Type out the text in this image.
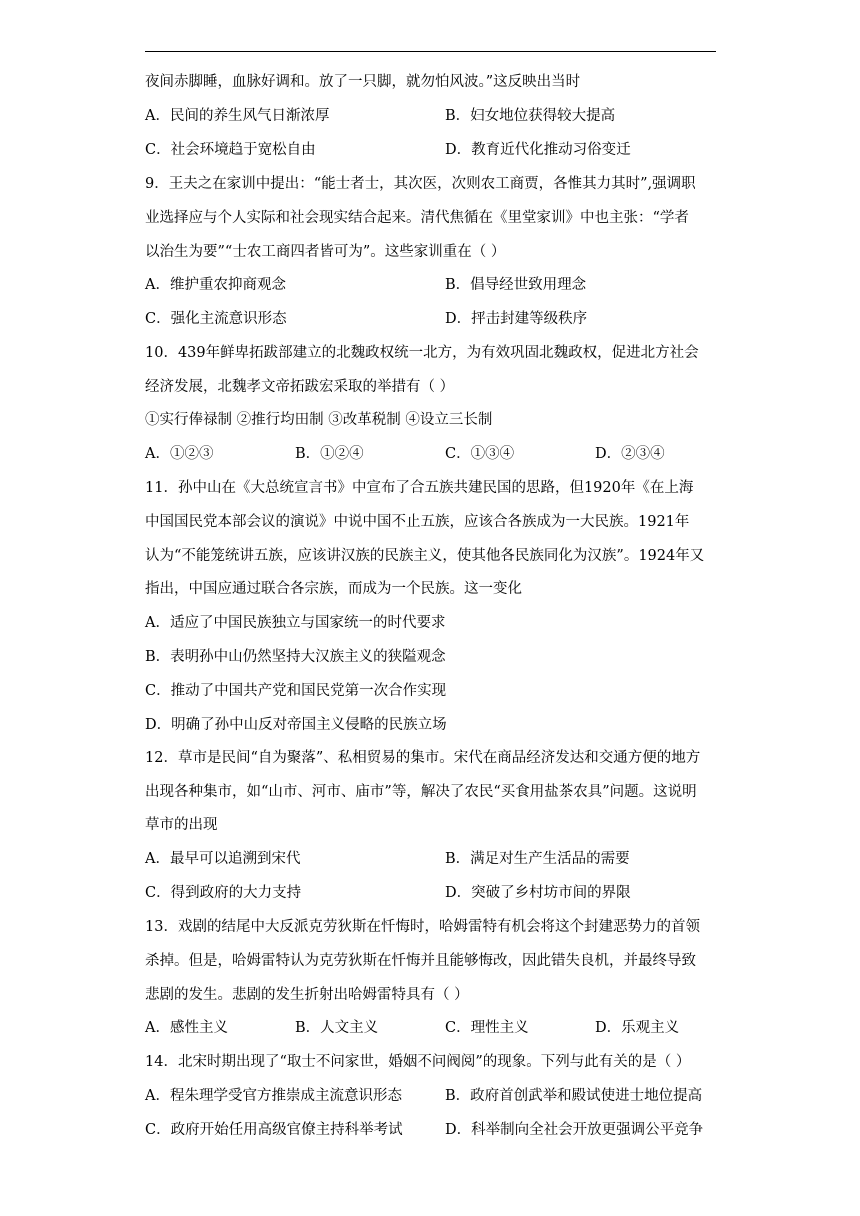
夜间赤脚睡，血脉好调和。放了一只脚，就勿怕风波。”这反映出当时
A．民间的养生风气日渐浓厚	B．妇女地位获得较大提高
C．社会环境趋于宽松自由	D．教育近代化推动习俗变迁
9．王夫之在家训中提出：“能士者士，其次医，次则农工商贾，各惟其力其时”,强调职
业选择应与个人实际和社会现实结合起来。清代焦循在《里堂家训》中也主张：“学者
以治生为要”“士农工商四者皆可为”。这些家训重在（ ）
A．维护重农抑商观念	B．倡导经世致用理念
C．强化主流意识形态	D．抨击封建等级秩序
10．439年鲜卑拓跋部建立的北魏政权统一北方，为有效巩固北魏政权，促进北方社会
经济发展，北魏孝文帝拓跋宏采取的举措有（ ）
①实行俸禄制 ②推行均田制 ③改革税制 ④设立三长制
A．①②③	B．①②④	C．①③④	D．②③④
11．孙中山在《大总统宣言书》中宣布了合五族共建民国的思路，但1920年《在上海
中国国民党本部会议的演说》中说中国不止五族，应该合各族成为一大民族。1921年
认为“不能笼统讲五族，应该讲汉族的民族主义，使其他各民族同化为汉族”。1924年又
指出，中国应通过联合各宗族，而成为一个民族。这一变化
A．适应了中国民族独立与国家统一的时代要求
B．表明孙中山仍然坚持大汉族主义的狭隘观念
C．推动了中国共产党和国民党第一次合作实现
D．明确了孙中山反对帝国主义侵略的民族立场
12．草市是民间“自为聚落”、私相贸易的集市。宋代在商品经济发达和交通方便的地方
出现各种集市，如“山市、河市、庙市”等，解决了农民“买食用盐茶农具”问题。这说明
草市的出现
A．最早可以追溯到宋代	B．满足对生产生活品的需要
C．得到政府的大力支持	D．突破了乡村坊市间的界限
13．戏剧的结尾中大反派克劳狄斯在忏悔时，哈姆雷特有机会将这个封建恶势力的首领
杀掉。但是，哈姆雷特认为克劳狄斯在忏悔并且能够悔改，因此错失良机，并最终导致
悲剧的发生。悲剧的发生折射出哈姆雷特具有（ ）
A．感性主义	B．人文主义	C．理性主义	D．乐观主义
14．北宋时期出现了“取士不问家世，婚姻不问阀阅”的现象。下列与此有关的是（ ）
A．程朱理学受官方推崇成主流意识形态	B．政府首创武举和殿试使进士地位提高
C．政府开始任用高级官僚主持科举考试	D．科举制向全社会开放更强调公平竞争
